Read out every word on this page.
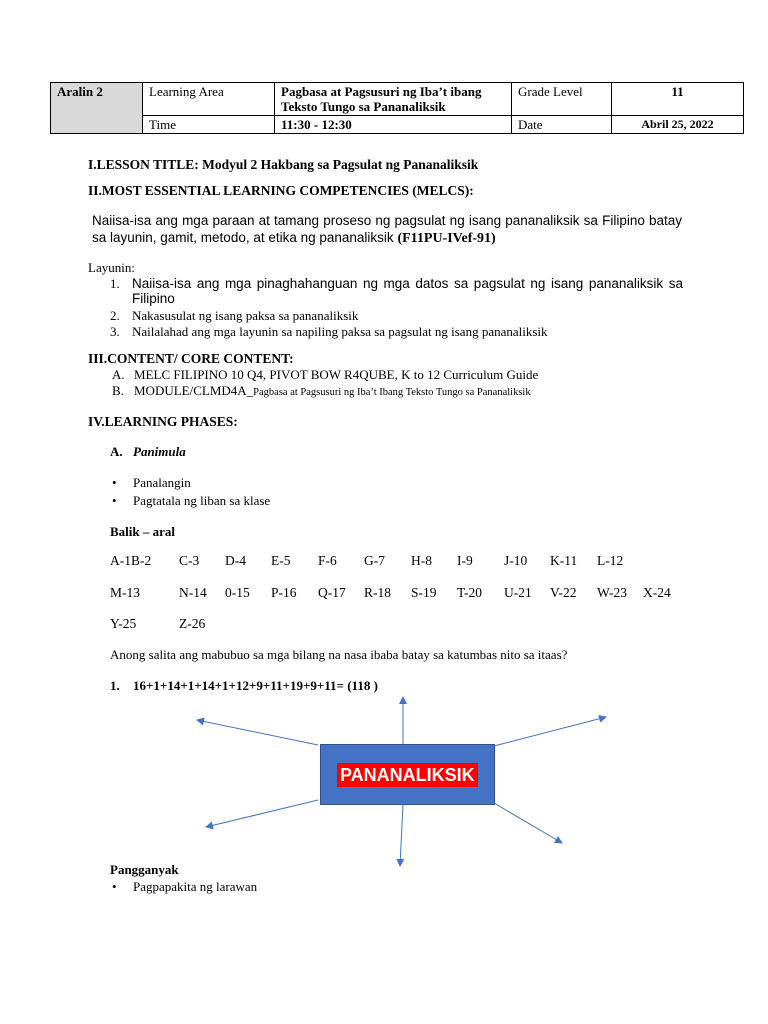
Aralin 2	Learning Area	Pagbasa at Pagsusuri ng Iba’t ibang Teksto Tungo sa Pananaliksik	Grade Level	11
	Time	11:30 - 12:30	Date	Abril 25, 2022
I.LESSON TITLE: Modyul 2 Hakbang sa Pagsulat ng Pananaliksik
II.MOST ESSENTIAL LEARNING COMPETENCIES (MELCS):
Naiisa-isa ang mga paraan at tamang proseso ng pagsulat ng isang pananaliksik sa Filipino batay sa layunin, gamit, metodo, at etika ng pananaliksik (F11PU-IVef-91)
Layunin:
1. Naiisa-isa ang mga pinaghahanguan ng mga datos sa pagsulat ng isang pananaliksik sa Filipino
2. Nakasusulat ng isang paksa sa pananaliksik
3. Nailalahad ang mga layunin sa napiling paksa sa pagsulat ng isang pananaliksik
III.CONTENT/ CORE CONTENT:
A. MELC FILIPINO 10 Q4, PIVOT BOW R4QUBE, K to 12 Curriculum Guide
B. MODULE/CLMD4A_Pagbasa at Pagsusuri ng Iba’t Ibang Teksto Tungo sa Pananaliksik
IV.LEARNING PHASES:
A. Panimula
• Panalangin
• Pagtatala ng liban sa klase
Balik – aral
A-1B-2 C-3 D-4 E-5 F-6 G-7 H-8 I-9 J-10 K-11 L-12
M-13	N-14 0-15 P-16 Q-17 R-18 S-19 T-20 U-21 V-22 W-23 X-24
Y-25	Z-26
Anong salita ang mabubuo sa mga bilang na nasa ibaba batay sa katumbas nito sa itaas?
1. 16+1+14+1+14+1+12+9+11+19+9+11= (118 )
PANANALIKSIK
Pangganyak
• Pagpapakita ng larawan
